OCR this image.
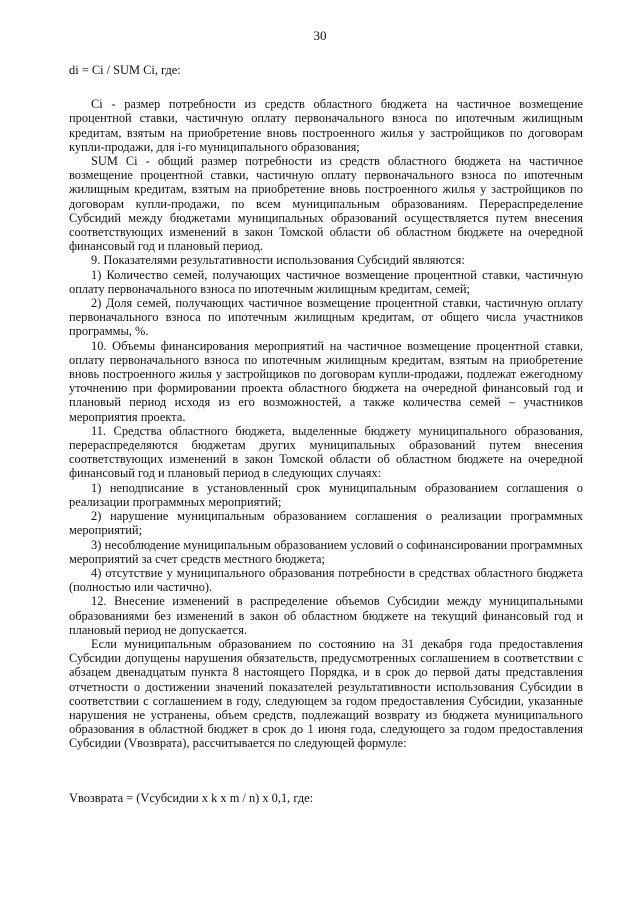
30

di = Ci / SUM Ci, где:

Ci - размер потребности из средств областного бюджета на частичное возмещение процентной ставки, частичную оплату первоначального взноса по ипотечным жилищным кредитам, взятым на приобретение вновь построенного жилья у застройщиков по договорам купли-продажи, для i-го муниципального образования;

SUM Ci - общий размер потребности из средств областного бюджета на частичное возмещение процентной ставки, частичную оплату первоначального взноса по ипотечным жилищным кредитам, взятым на приобретение вновь построенного жилья у застройщиков по договорам купли-продажи, по всем муниципальным образованиям. Перераспределение Субсидий между бюджетами муниципальных образований осуществляется путем внесения соответствующих изменений в закон Томской области об областном бюджете на очередной финансовый год и плановый период.

9. Показателями результативности использования Субсидий являются:

1) Количество семей, получающих частичное возмещение процентной ставки, частичную оплату первоначального взноса по ипотечным жилищным кредитам, семей;

2) Доля семей, получающих частичное возмещение процентной ставки, частичную оплату первоначального взноса по ипотечным жилищным кредитам, от общего числа участников программы, %.

10. Объемы финансирования мероприятий на частичное возмещение процентной ставки, оплату первоначального взноса по ипотечным жилищным кредитам, взятым на приобретение вновь построенного жилья у застройщиков по договорам купли-продажи, подлежат ежегодному уточнению при формировании проекта областного бюджета на очередной финансовый год и плановый период исходя из его возможностей, а также количества семей – участников мероприятия проекта.

11. Средства областного бюджета, выделенные бюджету муниципального образования, перераспределяются бюджетам других муниципальных образований путем внесения соответствующих изменений в закон Томской области об областном бюджете на очередной финансовый год и плановый период в следующих случаях:

1) неподписание в установленный срок муниципальным образованием соглашения о реализации программных мероприятий;

2) нарушение муниципальным образованием соглашения о реализации программных мероприятий;

3) несоблюдение муниципальным образованием условий о софинансировании программных мероприятий за счет средств местного бюджета;

4) отсутствие у муниципального образования потребности в средствах областного бюджета (полностью или частично).

12. Внесение изменений в распределение объемов Субсидии между муниципальными образованиями без изменений в закон об областном бюджете на текущий финансовый год и плановый период не допускается.

Если муниципальным образованием по состоянию на 31 декабря года предоставления Субсидии допущены нарушения обязательств, предусмотренных соглашением в соответствии с абзацем двенадцатым пункта 8 настоящего Порядка, и в срок до первой даты представления отчетности о достижении значений показателей результативности использования Субсидии в соответствии с соглашением в году, следующем за годом предоставления Субсидии, указанные нарушения не устранены, объем средств, подлежащий возврату из бюджета муниципального образования в областной бюджет в срок до 1 июня года, следующего за годом предоставления Субсидии (Vвозврата), рассчитывается по следующей формуле:

Vвозврата = (Vсубсидии x k x m / n) x 0,1, где:
